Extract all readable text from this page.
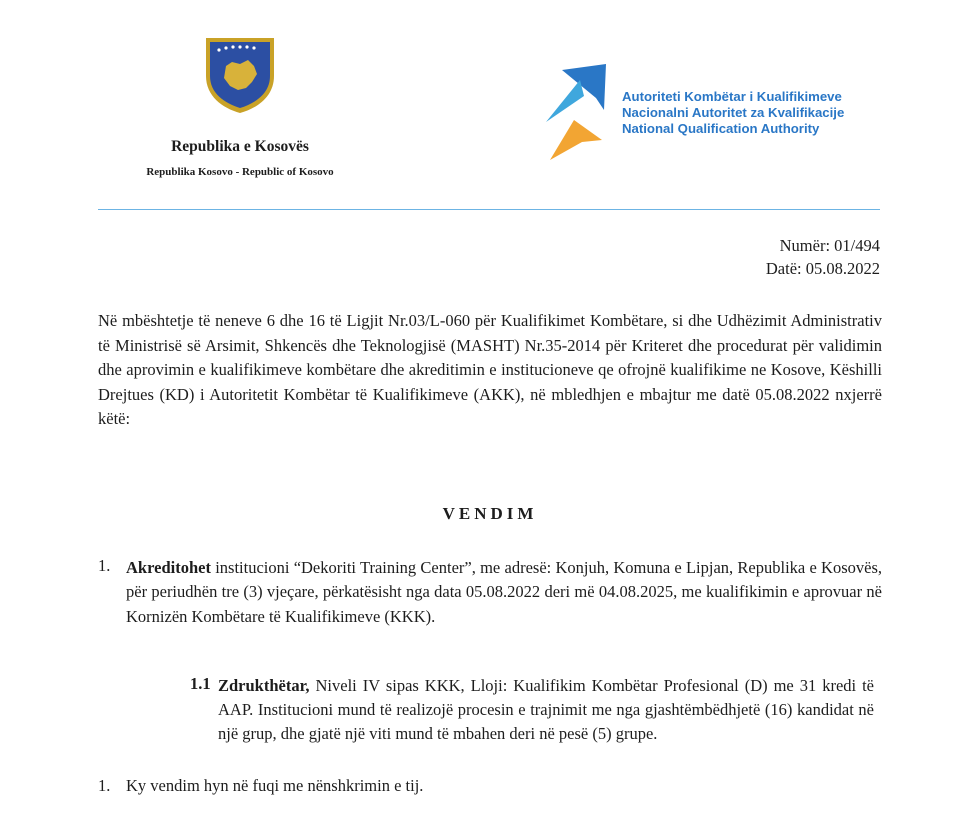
Republika e Kosovës
Republika Kosovo - Republic of Kosovo
Autoriteti Kombëtar i Kualifikimeve
Nacionalni Autoritet za Kvalifikacije
National Qualification Authority
Numër: 01/494
Datë: 05.08.2022
Në mbështetje të neneve 6 dhe 16 të Ligjit Nr.03/L-060 për Kualifikimet Kombëtare, si dhe Udhëzimit Administrativ të Ministrisë së Arsimit, Shkencës dhe Teknologjisë (MASHT) Nr.35-2014 për Kriteret dhe procedurat për validimin dhe aprovimin e kualifikimeve kombëtare dhe akreditimin e institucioneve qe ofrojnë kualifikime ne Kosove, Këshilli Drejtues (KD) i Autoritetit Kombëtar të Kualifikimeve (AKK), në mbledhjen e mbajtur me datë 05.08.2022 nxjerrë këtë:
VENDIM
1. Akreditohet institucioni “Dekoriti Training Center”, me adresë: Konjuh, Komuna e Lipjan, Republika e Kosovës, për periudhën tre (3) vjeçare, përkatësisht nga data 05.08.2022 deri më 04.08.2025, me kualifikimin e aprovuar në Kornizën Kombëtare të Kualifikimeve (KKK).
1.1 Zdrukthëtar, Niveli IV sipas KKK, Lloji: Kualifikim Kombëtar Profesional (D) me 31 kredi të AAP. Institucioni mund të realizojë procesin e trajnimit me nga gjashtëmbëdhjetë (16) kandidat në një grup, dhe gjatë një viti mund të mbahen deri në pesë (5) grupe.
1. Ky vendim hyn në fuqi me nënshkrimin e tij.
